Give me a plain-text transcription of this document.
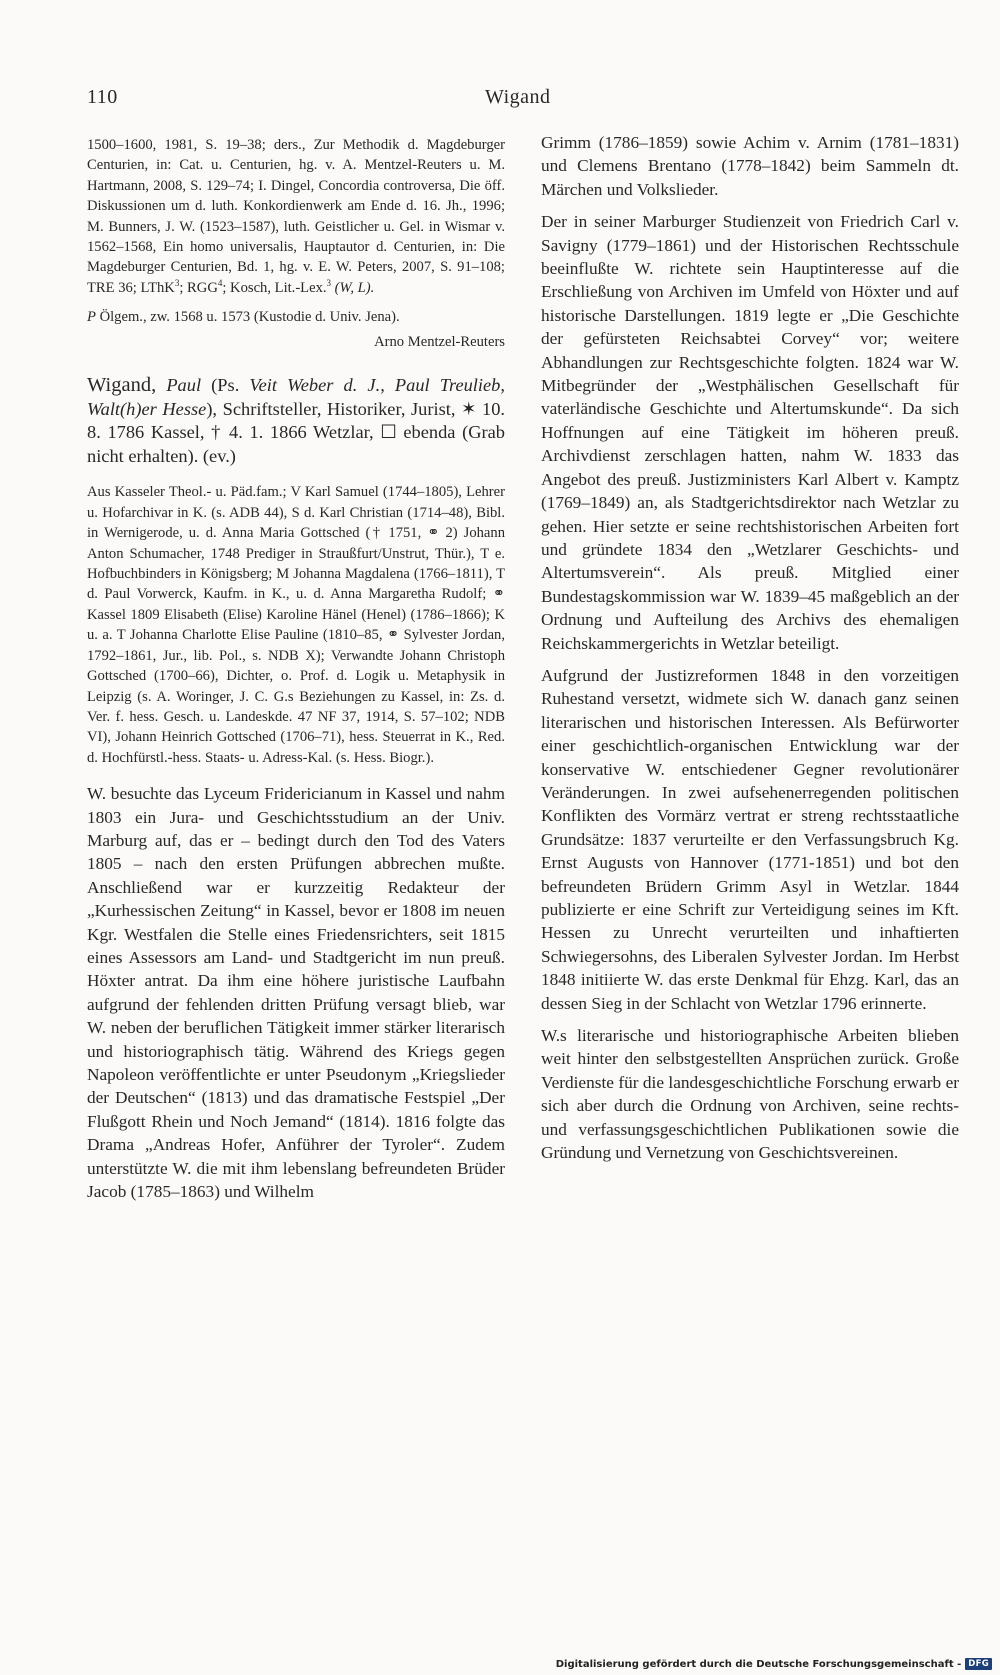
110	Wigand

1500–1600, 1981, S. 19–38; ders., Zur Methodik d. Magdeburger Centurien, in: Cat. u. Centurien, hg. v. A. Mentzel-Reuters u. M. Hartmann, 2008, S. 129–74; I. Dingel, Concordia controversa, Die öff. Diskussionen um d. luth. Konkordienwerk am Ende d. 16. Jh., 1996; M. Bunners, J. W. (1523–1587), luth. Geistlicher u. Gel. in Wismar v. 1562–1568, Ein homo universalis, Hauptautor d. Centurien, in: Die Magdeburger Centurien, Bd. 1, hg. v. E. W. Peters, 2007, S. 91–108; TRE 36; LThK$^3$; RGG$^4$; Kosch, Lit.-Lex.$^3$ (W, L).

P Ölgem., zw. 1568 u. 1573 (Kustodie d. Univ. Jena).

Arno Mentzel-Reuters

Wigand, Paul (Ps. Veit Weber d. J., Paul Treulieb, Walt(h)er Hesse), Schriftsteller, Historiker, Jurist, ✶ 10. 8. 1786 Kassel, † 4. 1. 1866 Wetzlar, ☐ ebenda (Grab nicht erhalten). (ev.)

Aus Kasseler Theol.- u. Päd.fam.; V Karl Samuel (1744–1805), Lehrer u. Hofarchivar in K. (s. ADB 44), S d. Karl Christian (1714–48), Bibl. in Wernigerode, u. d. Anna Maria Gottsched († 1751, ⚭ 2) Johann Anton Schumacher, 1748 Prediger in Straußfurt/Unstrut, Thür.), T e. Hofbuchbinders in Königsberg; M Johanna Magdalena (1766–1811), T d. Paul Vorwerck, Kaufm. in K., u. d. Anna Margaretha Rudolf; ⚭ Kassel 1809 Elisabeth (Elise) Karoline Hänel (Henel) (1786–1866); K u. a. T Johanna Charlotte Elise Pauline (1810–85, ⚭ Sylvester Jordan, 1792–1861, Jur., lib. Pol., s. NDB X); Verwandte Johann Christoph Gottsched (1700–66), Dichter, o. Prof. d. Logik u. Metaphysik in Leipzig (s. A. Woringer, J. C. G.s Beziehungen zu Kassel, in: Zs. d. Ver. f. hess. Gesch. u. Landeskde. 47 NF 37, 1914, S. 57–102; NDB VI), Johann Heinrich Gottsched (1706–71), hess. Steuerrat in K., Red. d. Hochfürstl.-hess. Staats- u. Adress-Kal. (s. Hess. Biogr.).

W. besuchte das Lyceum Fridericianum in Kassel und nahm 1803 ein Jura- und Geschichtsstudium an der Univ. Marburg auf, das er – bedingt durch den Tod des Vaters 1805 – nach den ersten Prüfungen abbrechen mußte. Anschließend war er kurzzeitig Redakteur der „Kurhessischen Zeitung“ in Kassel, bevor er 1808 im neuen Kgr. Westfalen die Stelle eines Friedensrichters, seit 1815 eines Assessors am Land- und Stadtgericht im nun preuß. Höxter antrat. Da ihm eine höhere juristische Laufbahn aufgrund der fehlenden dritten Prüfung versagt blieb, war W. neben der beruflichen Tätigkeit immer stärker literarisch und historiographisch tätig. Während des Kriegs gegen Napoleon veröffentlichte er unter Pseudonym „Kriegslieder der Deutschen“ (1813) und das dramatische Festspiel „Der Flußgott Rhein und Noch Jemand“ (1814). 1816 folgte das Drama „Andreas Hofer, Anführer der Tyroler“. Zudem unterstützte W. die mit ihm lebenslang befreundeten Brüder Jacob (1785–1863) und Wilhelm

Grimm (1786–1859) sowie Achim v. Arnim (1781–1831) und Clemens Brentano (1778–1842) beim Sammeln dt. Märchen und Volkslieder.

Der in seiner Marburger Studienzeit von Friedrich Carl v. Savigny (1779–1861) und der Historischen Rechtsschule beeinflußte W. richtete sein Hauptinteresse auf die Erschließung von Archiven im Umfeld von Höxter und auf historische Darstellungen. 1819 legte er „Die Geschichte der gefürsteten Reichsabtei Corvey“ vor; weitere Abhandlungen zur Rechtsgeschichte folgten. 1824 war W. Mitbegründer der „Westphälischen Gesellschaft für vaterländische Geschichte und Altertumskunde“. Da sich Hoffnungen auf eine Tätigkeit im höheren preuß. Archivdienst zerschlagen hatten, nahm W. 1833 das Angebot des preuß. Justizministers Karl Albert v. Kamptz (1769–1849) an, als Stadtgerichtsdirektor nach Wetzlar zu gehen. Hier setzte er seine rechtshistorischen Arbeiten fort und gründete 1834 den „Wetzlarer Geschichts- und Altertumsverein“. Als preuß. Mitglied einer Bundestagskommission war W. 1839–45 maßgeblich an der Ordnung und Aufteilung des Archivs des ehemaligen Reichskammergerichts in Wetzlar beteiligt.

Aufgrund der Justizreformen 1848 in den vorzeitigen Ruhestand versetzt, widmete sich W. danach ganz seinen literarischen und historischen Interessen. Als Befürworter einer geschichtlich-organischen Entwicklung war der konservative W. entschiedener Gegner revolutionärer Veränderungen. In zwei aufsehenerregenden politischen Konflikten des Vormärz vertrat er streng rechtsstaatliche Grundsätze: 1837 verurteilte er den Verfassungsbruch Kg. Ernst Augusts von Hannover (1771-1851) und bot den befreundeten Brüdern Grimm Asyl in Wetzlar. 1844 publizierte er eine Schrift zur Verteidigung seines im Kft. Hessen zu Unrecht verurteilten und inhaftierten Schwiegersohns, des Liberalen Sylvester Jordan. Im Herbst 1848 initiierte W. das erste Denkmal für Ehzg. Karl, das an dessen Sieg in der Schlacht von Wetzlar 1796 erinnerte.

W.s literarische und historiographische Arbeiten blieben weit hinter den selbstgestellten Ansprüchen zurück. Große Verdienste für die landesgeschichtliche Forschung erwarb er sich aber durch die Ordnung von Archiven, seine rechts- und verfassungsgeschichtlichen Publikationen sowie die Gründung und Vernetzung von Geschichtsvereinen.

Digitalisierung gefördert durch die Deutsche Forschungsgemeinschaft - DFG
